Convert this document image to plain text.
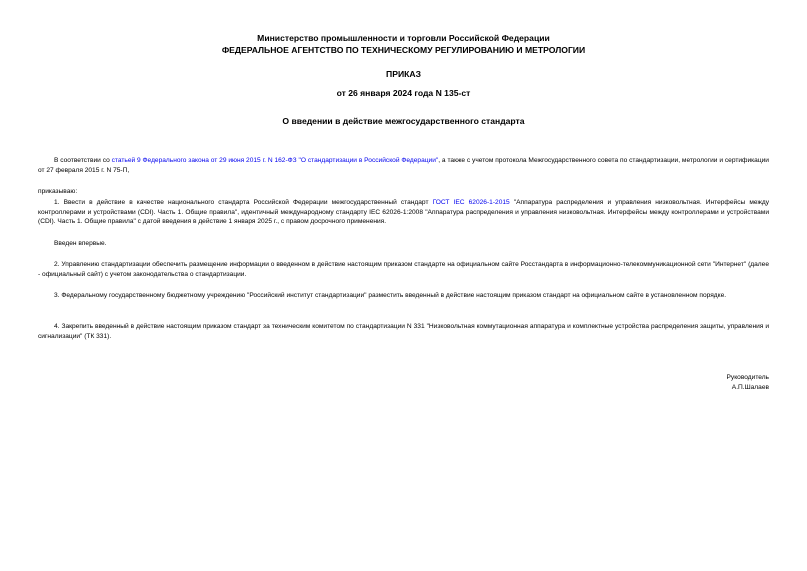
Министерство промышленности и торговли Российской Федерации
ФЕДЕРАЛЬНОЕ АГЕНТСТВО ПО ТЕХНИЧЕСКОМУ РЕГУЛИРОВАНИЮ И МЕТРОЛОГИИ
ПРИКАЗ
от 26 января 2024 года N 135-ст
О введении в действие межгосударственного стандарта
В соответствии со статьей 9 Федерального закона от 29 июня 2015 г. N 162-ФЗ "О стандартизации в Российской Федерации", а также с учетом протокола Межгосударственного совета по стандартизации, метрологии и сертификации от 27 февраля 2015 г. N 75-П,
приказываю:
1. Ввести в действие в качестве национального стандарта Российской Федерации межгосударственный стандарт ГОСТ IEC 62026-1-2015 "Аппаратура распределения и управления низковольтная. Интерфейсы между контроллерами и устройствами (CDI). Часть 1. Общие правила", идентичный международному стандарту IEC 62026-1:2008 "Аппаратура распределения и управления низковольтная. Интерфейсы между контроллерами и устройствами (CDI). Часть 1. Общие правила" с датой введения в действие 1 января 2025 г., с правом досрочного применения.
Введен впервые.
2. Управлению стандартизации обеспечить размещение информации о введенном в действие настоящим приказом стандарте на официальном сайте Росстандарта в информационно-телекоммуникационной сети "Интернет" (далее - официальный сайт) с учетом законодательства о стандартизации.
3. Федеральному государственному бюджетному учреждению "Российский институт стандартизации" разместить введенный в действие настоящим приказом стандарт на официальном сайте в установленном порядке.
4. Закрепить введенный в действие настоящим приказом стандарт за техническим комитетом по стандартизации N 331 "Низковольтная коммутационная аппаратура и комплектные устройства распределения защиты, управления и сигнализации" (ТК 331).
Руководитель
А.П.Шалаев
